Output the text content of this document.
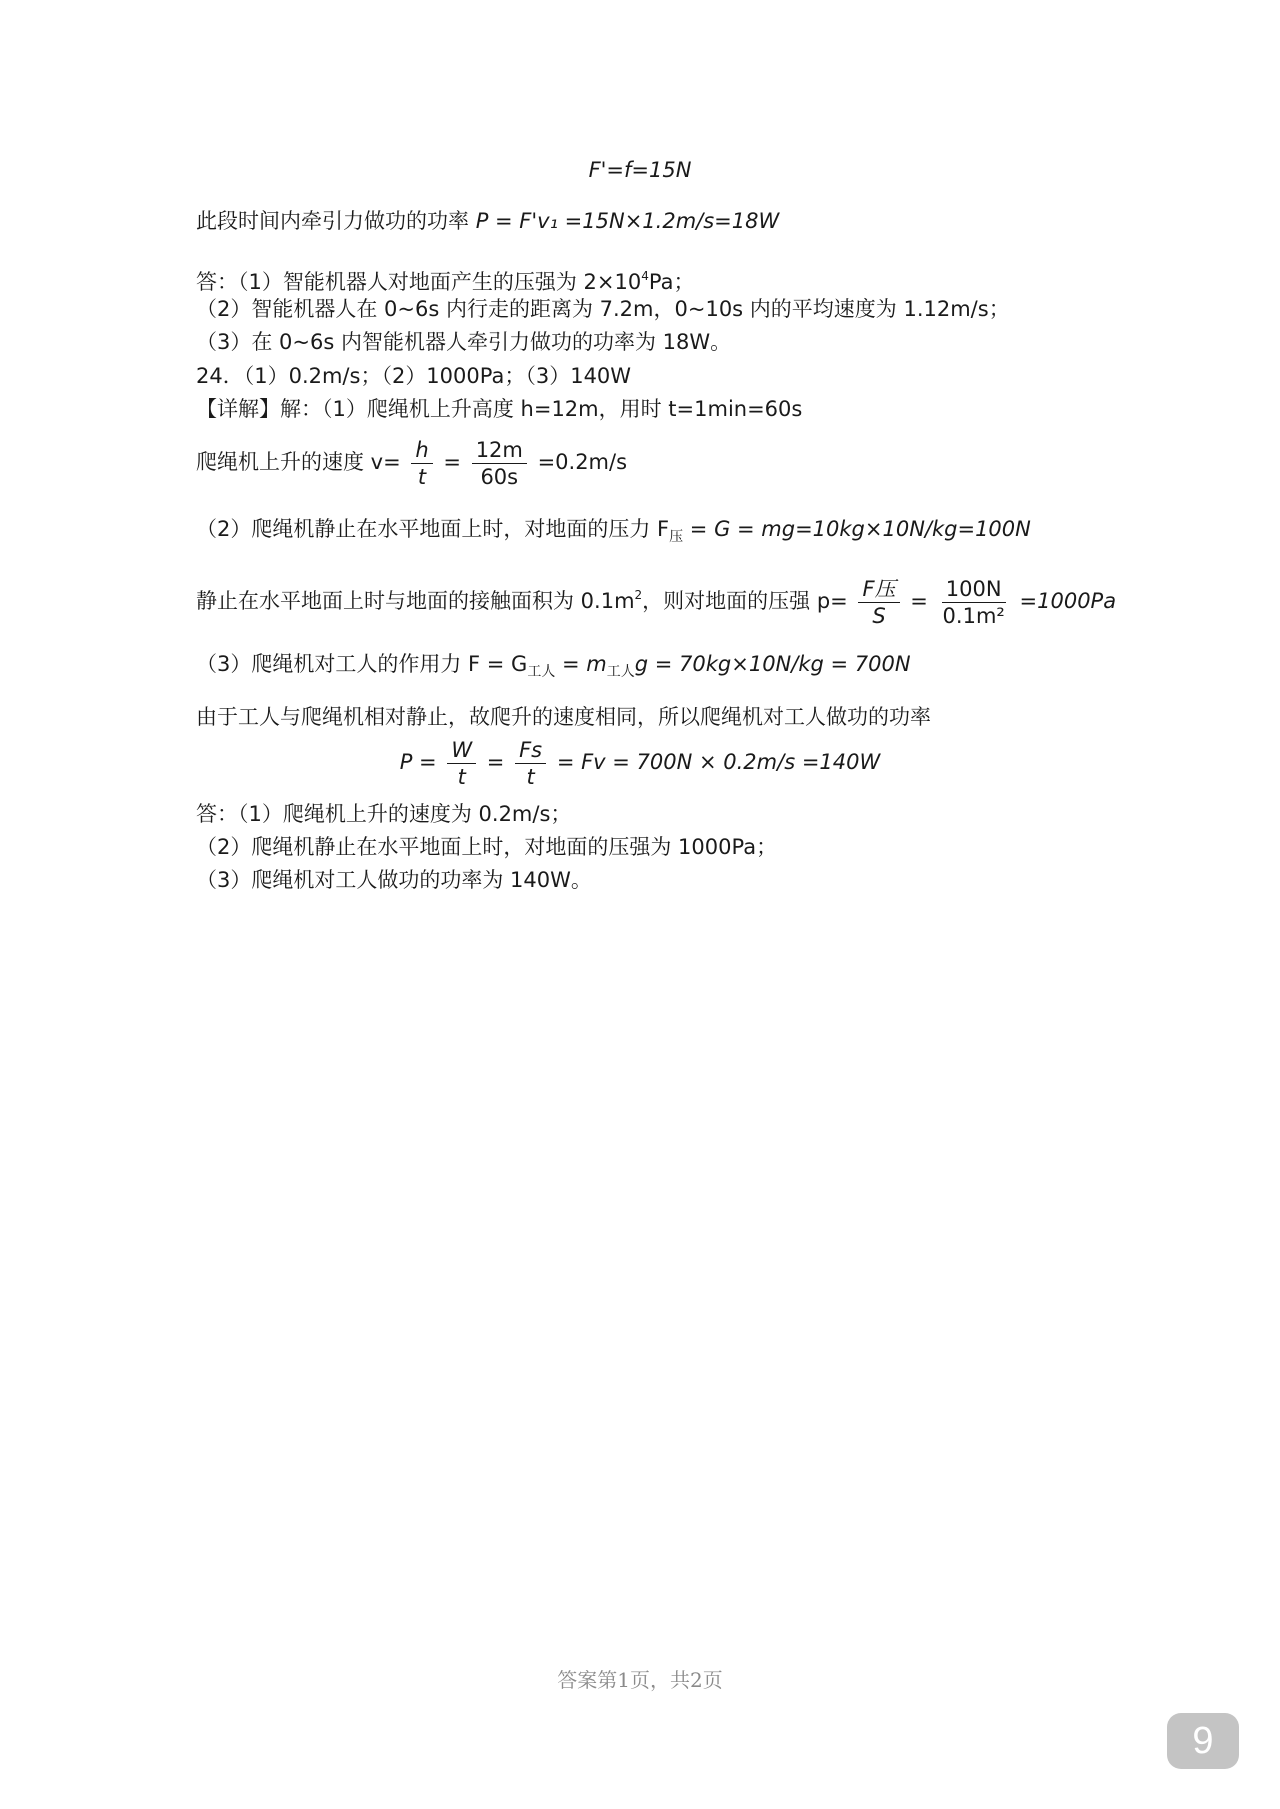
F'=f=15N
此段时间内牵引力做功的功率 P = F'v₁ =15N×1.2m/s=18W
答：（1）智能机器人对地面产生的压强为 $2\times 10^4Pa$；
（2）智能机器人在 0~6s 内行走的距离为 7.2m，0~10s 内的平均速度为 1.12m/s；
（3）在 0~6s 内智能机器人牵引力做功的功率为 18W。
24．（1）0.2m/s；（2）1000Pa；（3）140W
【详解】解：（1）爬绳机上升高度 h=12m，用时 t=1min=60s
爬绳机上升的速度 $v= \frac{h}{t} = \frac{12m}{60s} =0.2m/s$
（2）爬绳机静止在水平地面上时，对地面的压力 $F_压 = G = mg=10kg\times 10N/kg=100N$
静止在水平地面上时与地面的接触面积为 $0.1m^2$，则对地面的压强 $p= \frac{\text{F压}}{S} = \frac{100N}{\text{0.1m²}} =1000Pa$
（3）爬绳机对工人的作用力 $F = G_{工人} = m_{工人}g = 70kg\times 10N/kg = 700N$
由于工人与爬绳机相对静止，故爬升的速度相同，所以爬绳机对工人做功的功率
$P = \frac{W}{t} = \frac{Fs}{t} = Fv = 700N \times 0.2m/s =140W$
答：（1）爬绳机上升的速度为 0.2m/s；
（2）爬绳机静止在水平地面上时，对地面的压强为 1000Pa；
（3）爬绳机对工人做功的功率为 140W。
答案第1页，共2页
9
